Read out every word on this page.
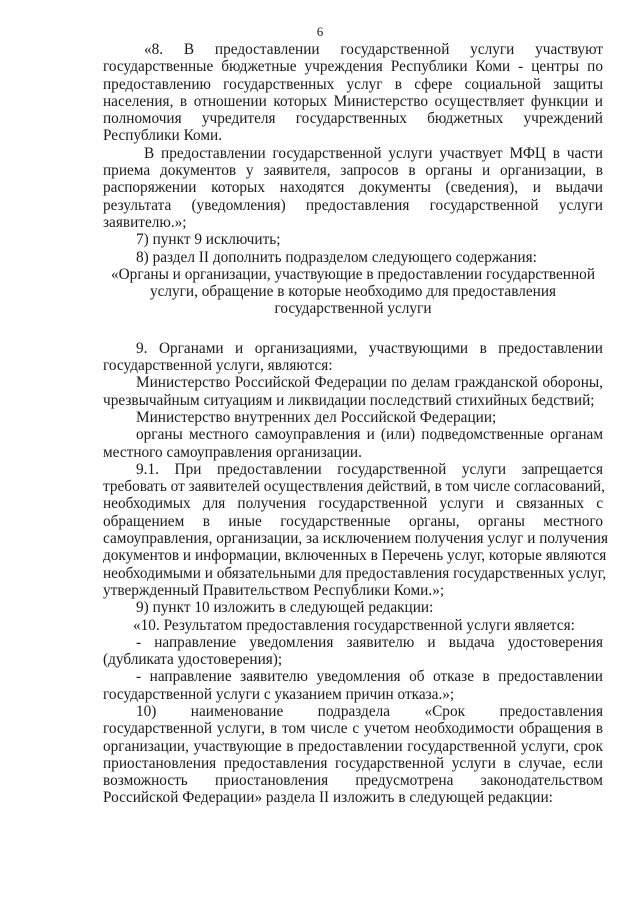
6
«8. В предоставлении государственной услуги участвуют
государственные бюджетные учреждения Республики Коми - центры по
предоставлению государственных услуг в сфере социальной защиты
населения, в отношении которых Министерство осуществляет функции и
полномочия учредителя государственных бюджетных учреждений
Республики Коми.
В предоставлении государственной услуги участвует МФЦ в части
приема документов у заявителя, запросов в органы и организации, в
распоряжении которых находятся документы (сведения), и выдачи
результата (уведомления) предоставления государственной услуги
заявителю.»;
7) пункт 9 исключить;
8) раздел II дополнить подразделом следующего содержания:
«Органы и организации, участвующие в предоставлении государственной
услуги, обращение в которые необходимо для предоставления
государственной услуги
9. Органами и организациями, участвующими в предоставлении
государственной услуги, являются:
Министерство Российской Федерации по делам гражданской обороны,
чрезвычайным ситуациям и ликвидации последствий стихийных бедствий;
Министерство внутренних дел Российской Федерации;
органы местного самоуправления и (или) подведомственные органам
местного самоуправления организации.
9.1. При предоставлении государственной услуги запрещается
требовать от заявителей осуществления действий, в том числе согласований,
необходимых для получения государственной услуги и связанных с
обращением в иные государственные органы, органы местного
самоуправления, организации, за исключением получения услуг и получения
документов и информации, включенных в Перечень услуг, которые являются
необходимыми и обязательными для предоставления государственных услуг,
утвержденный Правительством Республики Коми.»;
9) пункт 10 изложить в следующей редакции:
«10. Результатом предоставления государственной услуги является:
- направление уведомления заявителю и выдача удостоверения
(дубликата удостоверения);
- направление заявителю уведомления об отказе в предоставлении
государственной услуги с указанием причин отказа.»;
10) наименование подраздела «Срок предоставления
государственной услуги, в том числе с учетом необходимости обращения в
организации, участвующие в предоставлении государственной услуги, срок
приостановления предоставления государственной услуги в случае, если
возможность приостановления предусмотрена законодательством
Российской Федерации» раздела II изложить в следующей редакции:
